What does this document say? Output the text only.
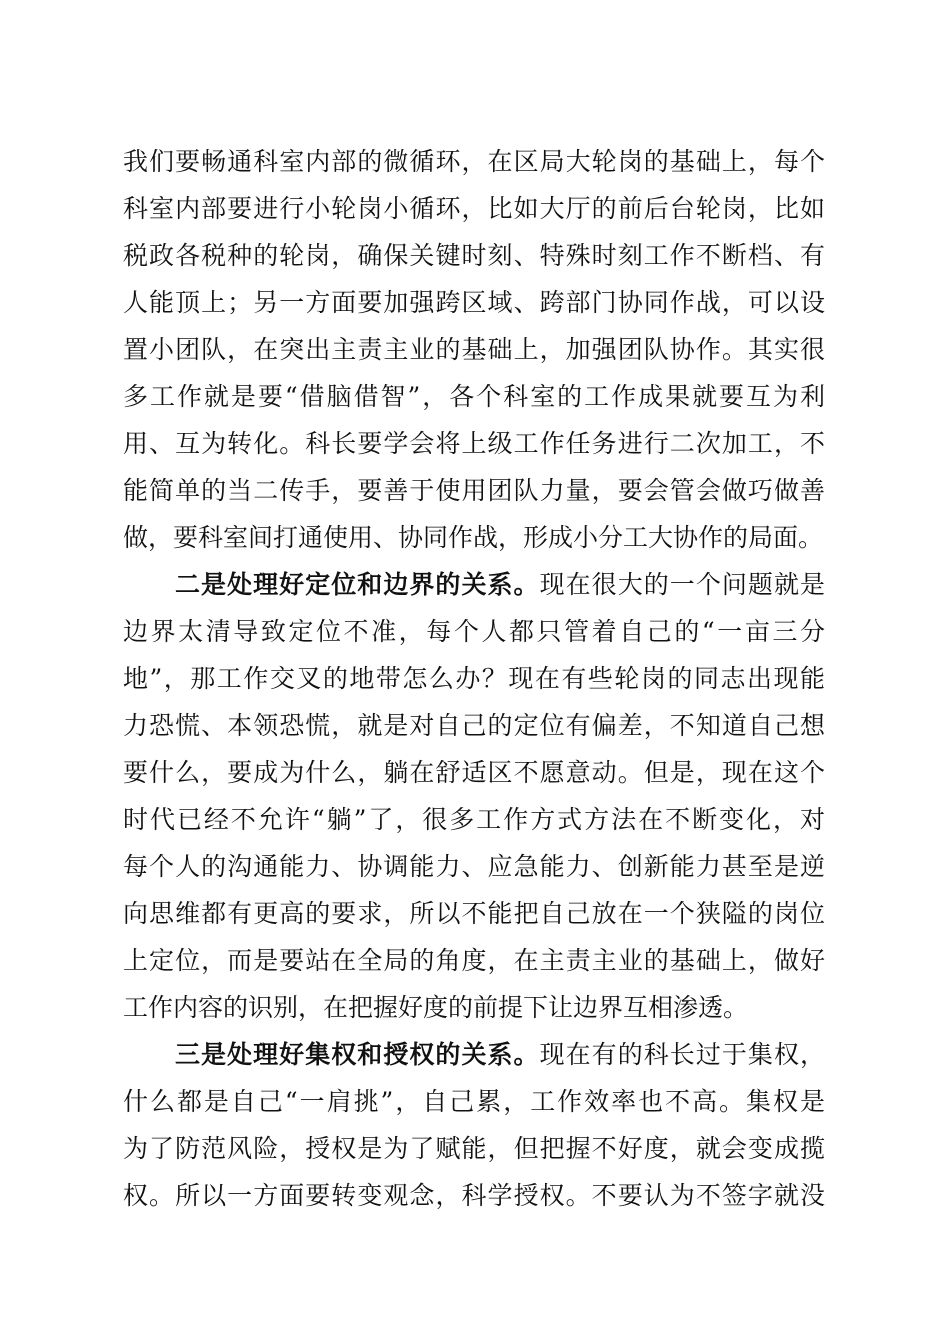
我们要畅通科室内部的微循环，在区局大轮岗的基础上，每个
科室内部要进行小轮岗小循环，比如大厅的前后台轮岗，比如
税政各税种的轮岗，确保关键时刻、特殊时刻工作不断档、有
人能顶上；另一方面要加强跨区域、跨部门协同作战，可以设
置小团队，在突出主责主业的基础上，加强团队协作。其实很
多工作就是要“借脑借智”，各个科室的工作成果就要互为利
用、互为转化。科长要学会将上级工作任务进行二次加工，不
能简单的当二传手，要善于使用团队力量，要会管会做巧做善
做，要科室间打通使用、协同作战，形成小分工大协作的局面。
二是处理好定位和边界的关系。现在很大的一个问题就是
边界太清导致定位不准，每个人都只管着自己的“一亩三分
地”，那工作交叉的地带怎么办？现在有些轮岗的同志出现能
力恐慌、本领恐慌，就是对自己的定位有偏差，不知道自己想
要什么，要成为什么，躺在舒适区不愿意动。但是，现在这个
时代已经不允许“躺”了，很多工作方式方法在不断变化，对
每个人的沟通能力、协调能力、应急能力、创新能力甚至是逆
向思维都有更高的要求，所以不能把自己放在一个狭隘的岗位
上定位，而是要站在全局的角度，在主责主业的基础上，做好
工作内容的识别，在把握好度的前提下让边界互相渗透。
三是处理好集权和授权的关系。现在有的科长过于集权，
什么都是自己“一肩挑”，自己累，工作效率也不高。集权是
为了防范风险，授权是为了赋能，但把握不好度，就会变成揽
权。所以一方面要转变观念，科学授权。不要认为不签字就没
